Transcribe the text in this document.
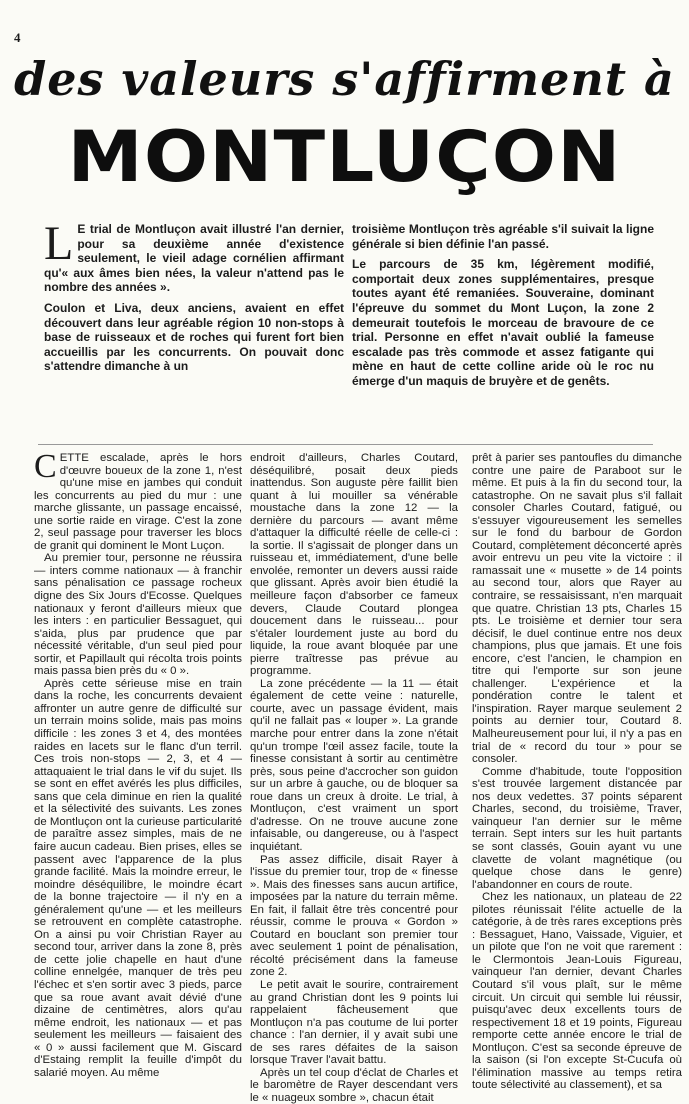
4
des valeurs s'affirment à
MONTLUÇON

L E trial de Montluçon avait illustré l'an dernier, pour sa deuxième année d'existence seulement, le vieil adage cornélien affirmant qu'« aux âmes bien nées, la valeur n'attend pas le nombre des années ».

Coulon et Liva, deux anciens, avaient en effet découvert dans leur agréable région 10 non-stops à base de ruisseaux et de roches qui furent fort bien accueillis par les concurrents. On pouvait donc s'attendre dimanche à un

troisième Montluçon très agréable s'il suivait la ligne générale si bien définie l'an passé.

Le parcours de 35 km, légèrement modifié, comportait deux zones supplémentaires, presque toutes ayant été remaniées. Souveraine, dominant l'épreuve du sommet du Mont Luçon, la zone 2 demeurait toutefois le morceau de bravoure de ce trial. Personne en effet n'avait oublié la fameuse escalade pas très commode et assez fatigante qui mène en haut de cette colline aride où le roc nu émerge d'un maquis de bruyère et de genêts.

CETTE escalade, après le hors d'œuvre boueux de la zone 1, n'est qu'une mise en jambes qui conduit les concurrents au pied du mur : une marche glissante, un passage encaissé, une sortie raide en virage. C'est la zone 2, seul passage pour traverser les blocs de granit qui dominent le Mont Luçon.

Au premier tour, personne ne réussira — inters comme nationaux — à franchir sans pénalisation ce passage rocheux digne des Six Jours d'Ecosse. Quelques nationaux y feront d'ailleurs mieux que les inters : en particulier Bessaguet, qui s'aida, plus par prudence que par nécessité véritable, d'un seul pied pour sortir, et Papillault qui récolta trois points mais passa bien près du « 0 ».

Après cette sérieuse mise en train dans la roche, les concurrents devaient affronter un autre genre de difficulté sur un terrain moins solide, mais pas moins difficile : les zones 3 et 4, des montées raides en lacets sur le flanc d'un terril. Ces trois non-stops — 2, 3, et 4 — attaquaient le trial dans le vif du sujet. Ils se sont en effet avérés les plus difficiles, sans que cela diminue en rien la qualité et la sélectivité des suivants. Les zones de Montluçon ont la curieuse particularité de paraître assez simples, mais de ne faire aucun cadeau. Bien prises, elles se passent avec l'apparence de la plus grande facilité. Mais la moindre erreur, le moindre déséquilibre, le moindre écart de la bonne trajectoire — il n'y en a généralement qu'une — et les meilleurs se retrouvent en complète catastrophe. On a ainsi pu voir Christian Rayer au second tour, arriver dans la zone 8, près de cette jolie chapelle en haut d'une colline ennelgée, manquer de très peu l'échec et s'en sortir avec 3 pieds, parce que sa roue avant avait dévié d'une dizaine de centimètres, alors qu'au même endroit, les nationaux — et pas seulement les meilleurs — faisaient des « 0 » aussi facilement que M. Giscard d'Estaing remplit la feuille d'impôt du salarié moyen. Au même

endroit d'ailleurs, Charles Coutard, déséquilibré, posait deux pieds inattendus. Son auguste père faillit bien quant à lui mouiller sa vénérable moustache dans la zone 12 — la dernière du parcours — avant même d'attaquer la difficulté réelle de celle-ci : la sortie. Il s'agissait de plonger dans un ruisseau et, immédiatement, d'une belle envolée, remonter un devers aussi raide que glissant. Après avoir bien étudié la meilleure façon d'absorber ce fameux devers, Claude Coutard plongea doucement dans le ruisseau... pour s'étaler lourdement juste au bord du liquide, la roue avant bloquée par une pierre traîtresse pas prévue au programme.

La zone précédente — la 11 — était également de cette veine : naturelle, courte, avec un passage évident, mais qu'il ne fallait pas « louper ». La grande marche pour entrer dans la zone n'était qu'un trompe l'œil assez facile, toute la finesse consistant à sortir au centimètre près, sous peine d'accrocher son guidon sur un arbre à gauche, ou de bloquer sa roue dans un creux à droite. Le trial, à Montluçon, c'est vraiment un sport d'adresse. On ne trouve aucune zone infaisable, ou dangereuse, ou à l'aspect inquiétant.

Pas assez difficile, disait Rayer à l'issue du premier tour, trop de « finesse ». Mais des finesses sans aucun artifice, imposées par la nature du terrain même. En fait, il fallait être très concentré pour réussir, comme le prouva « Gordon » Coutard en bouclant son premier tour avec seulement 1 point de pénalisation, récolté précisément dans la fameuse zone 2.

Le petit avait le sourire, contrairement au grand Christian dont les 9 points lui rappelaient fâcheusement que Montluçon n'a pas coutume de lui porter chance : l'an dernier, il y avait subi une de ses rares défaites de la saison lorsque Traver l'avait battu.

Après un tel coup d'éclat de Charles et le baromètre de Rayer descendant vers le « nuageux sombre », chacun était

prêt à parier ses pantoufles du dimanche contre une paire de Paraboot sur le même. Et puis à la fin du second tour, la catastrophe. On ne savait plus s'il fallait consoler Charles Coutard, fatigué, ou s'essuyer vigoureusement les semelles sur le fond du barbour de Gordon Coutard, complètement déconcerté après avoir entrevu un peu vite la victoire : il ramassait une « musette » de 14 points au second tour, alors que Rayer au contraire, se ressaisissant, n'en marquait que quatre. Christian 13 pts, Charles 15 pts. Le troisième et dernier tour sera décisif, le duel continue entre nos deux champions, plus que jamais. Et une fois encore, c'est l'ancien, le champion en titre qui l'emporte sur son jeune challenger. L'expérience et la pondération contre le talent et l'inspiration. Rayer marque seulement 2 points au dernier tour, Coutard 8. Malheureusement pour lui, il n'y a pas en trial de « record du tour » pour se consoler.

Comme d'habitude, toute l'opposition s'est trouvée largement distancée par nos deux vedettes. 37 points séparent Charles, second, du troisième, Traver, vainqueur l'an dernier sur le même terrain. Sept inters sur les huit partants se sont classés, Gouin ayant vu une clavette de volant magnétique (ou quelque chose dans le genre) l'abandonner en cours de route.

Chez les nationaux, un plateau de 22 pilotes réunissait l'élite actuelle de la catégorie, à de très rares exceptions près : Bessaguet, Hano, Vaissade, Viguier, et un pilote que l'on ne voit que rarement : le Clermontois Jean-Louis Figureau, vainqueur l'an dernier, devant Charles Coutard s'il vous plaît, sur le même circuit. Un circuit qui semble lui réussir, puisqu'avec deux excellents tours de respectivement 18 et 19 points, Figureau remporte cette année encore le trial de Montluçon. C'est sa seconde épreuve de la saison (si l'on excepte St-Cucufa où l'élimination massive au temps retira toute sélectivité au classement), et sa
